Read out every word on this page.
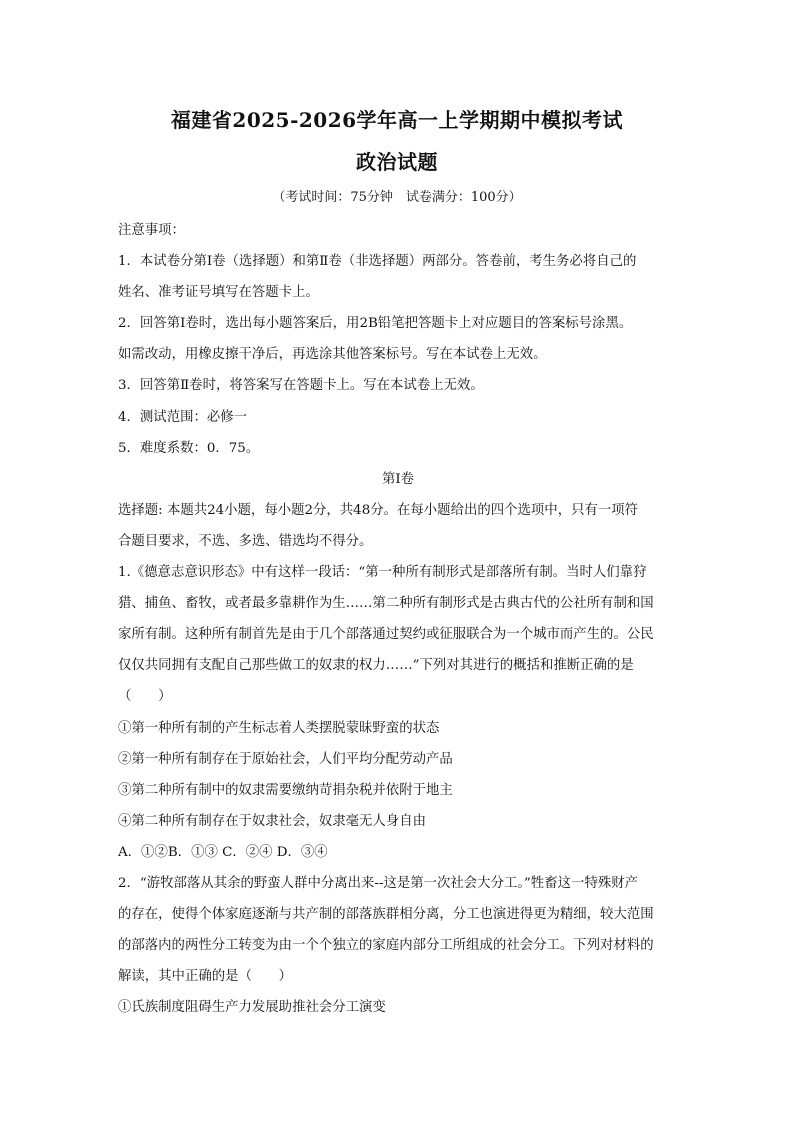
福建省2025-2026学年高一上学期期中模拟考试
政治试题
（考试时间：75分钟　试卷满分：100分）

注意事项：

1．本试卷分第Ⅰ卷（选择题）和第Ⅱ卷（非选择题）两部分。答卷前，考生务必将自己的

姓名、准考证号填写在答题卡上。

2．回答第Ⅰ卷时，选出每小题答案后，用2B铅笔把答题卡上对应题目的答案标号涂黑。

如需改动，用橡皮擦干净后，再选涂其他答案标号。写在本试卷上无效。

3．回答第Ⅱ卷时，将答案写在答题卡上。写在本试卷上无效。

4．测试范围：必修一

5．难度系数：0．75。

第Ⅰ卷

选择题: 本题共24小题，每小题2分，共48分。在每小题给出的四个选项中，只有一项符

合题目要求，不选、多选、错选均不得分。

1.《德意志意识形态》中有这样一段话：“第一种所有制形式是部落所有制。当时人们靠狩

猎、捕鱼、畜牧，或者最多靠耕作为生……第二种所有制形式是古典古代的公社所有制和国

家所有制。这种所有制首先是由于几个部落通过契约或征服联合为一个城市而产生的。公民

仅仅共同拥有支配自己那些做工的奴隶的权力……”下列对其进行的概括和推断正确的是

（　　）

①第一种所有制的产生标志着人类摆脱蒙昧野蛮的状态

②第一种所有制存在于原始社会，人们平均分配劳动产品

③第二种所有制中的奴隶需要缴纳苛捐杂税并依附于地主

④第二种所有制存在于奴隶社会，奴隶毫无人身自由

A．①②B．①③ C．②④ D．③④

2．“游牧部落从其余的野蛮人群中分离出来--这是第一次社会大分工。”牲畜这一特殊财产

的存在，使得个体家庭逐渐与共产制的部落族群相分离，分工也演进得更为精细，较大范围

的部落内的两性分工转变为由一个个独立的家庭内部分工所组成的社会分工。下列对材料的

解读，其中正确的是（　　）

①氏族制度阻碍生产力发展助推社会分工演变
